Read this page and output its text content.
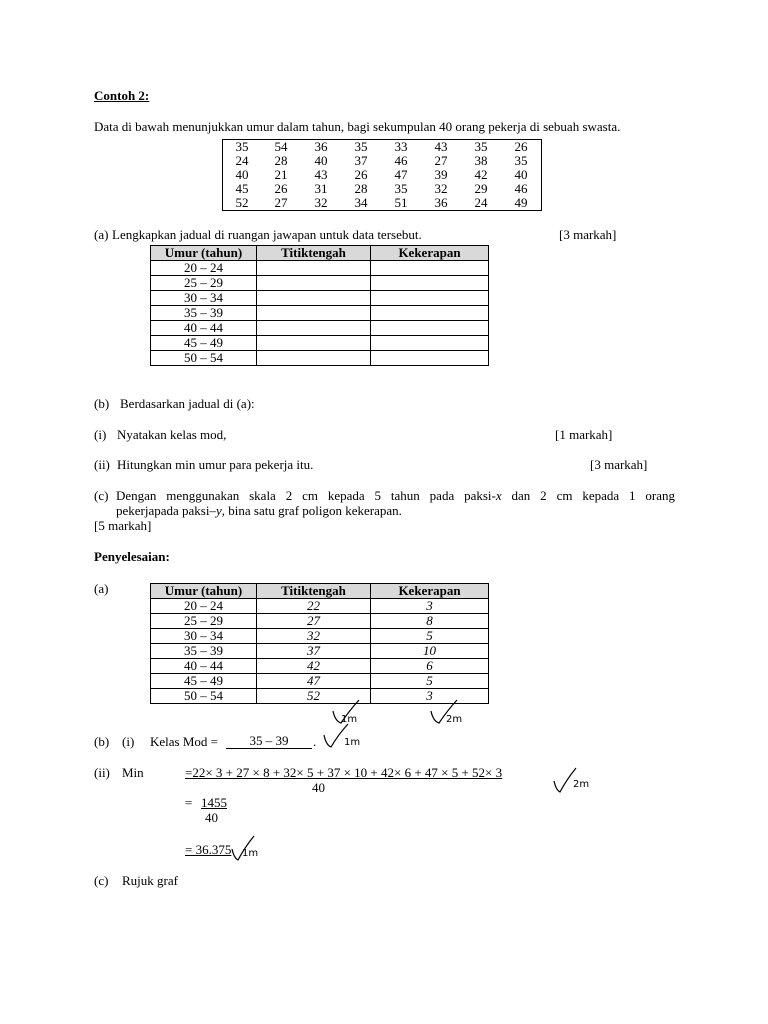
Contoh 2:
Data di bawah menunjukkan umur dalam tahun, bagi sekumpulan 40 orang pekerja di sebuah swasta.
35	54	36	35	33	43	35	26
24	28	40	37	46	27	38	35
40	21	43	26	47	39	42	40
45	26	31	28	35	32	29	46
52	27	32	34	51	36	24	49
(a) Lengkapkan jadual di ruangan jawapan untuk data tersebut.	[3 markah]
Umur (tahun)	Titiktengah	Kekerapan
20 – 24		
25 – 29		
30 – 34		
35 – 39		
40 – 44		
45 – 49		
50 – 54		
(b) Berdasarkan jadual di (a):
(i) Nyatakan kelas mod,	[1 markah]
(ii) Hitungkan min umur para pekerja itu.	[3 markah]
(c) Dengan menggunakan skala 2 cm kepada 5 tahun pada paksi-x dan 2 cm kepada 1 orang
pekerjapada paksi–y, bina satu graf poligon kekerapan.
[5 markah]
Penyelesaian:
(a)	Umur (tahun)	Titiktengah	Kekerapan
20 – 24	22	3
25 – 29	27	8
30 – 34	32	5
35 – 39	37	10
40 – 44	42	6
45 – 49	47	5
50 – 54	52	3
1m	2m
(b) (i) Kelas Mod =	35 – 39	.	1m
(ii) Min	=22× 3 + 27 × 8 + 32× 5 + 37 × 10 + 42× 6 + 47 × 5 + 52× 3
40	2m
= 1455
40
= 36.375 1m
(c) Rujuk graf
